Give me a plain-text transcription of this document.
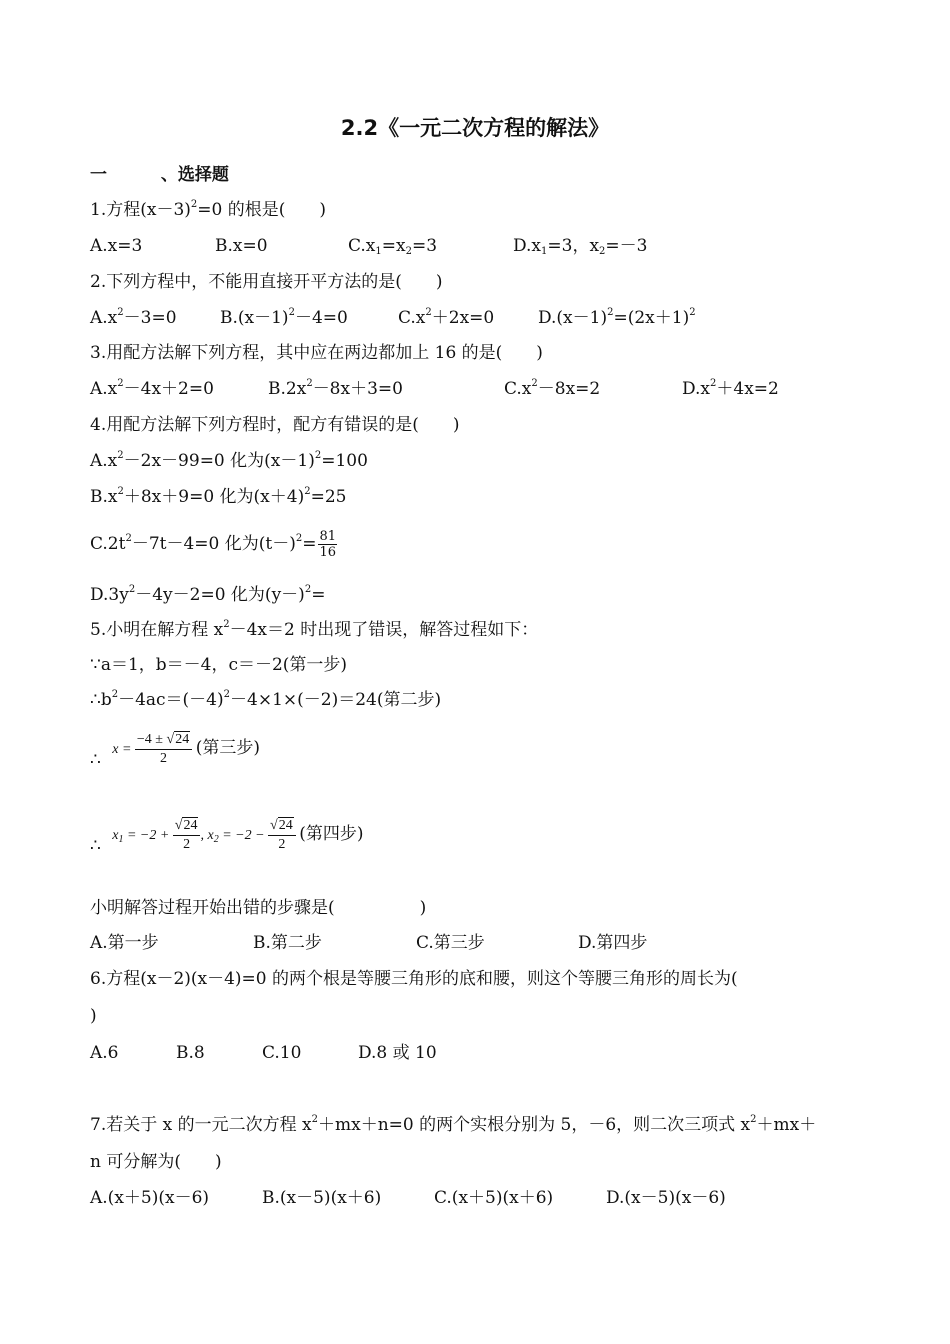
2.2《一元二次方程的解法》
一	、选择题
1.方程$(x-3)^2=0$ 的根是(　　)
A.x=3	B.x=0	$C.x_1=x_2=3$	$D.x_1=3$，$x_2=-3$
2.下列方程中，不能用直接开平方法的是(　　)
$A.x^2-3=0$	$B.(x-1)^2-4=0$	$C.x^2+2x=0$	$D.(x-1)^2=(2x+1)^2$
3.用配方法解下列方程，其中应在两边都加上 16 的是(　　)
$A.x^2-4x+2=0$	$B.2x^2-8x+3=0$	$C.x^2-8x=2$	$D.x^2+4x=2$
4.用配方法解下列方程时，配方有错误的是(　　)
$A.x^2-2x-99=0$ 化为$(x-1)^2=100$
$B.x^2+8x+9=0$ 化为$(x+4)^2=25$
$C.2t^2-7t-4=0$ 化为$(t-)^2= \frac{81}{16}$
$D.3y^2-4y-2=0$ 化为$(y-)^2=$
5.小明在解方程 $x^2-4x=2$ 时出现了错误，解答过程如下：
∵a＝1，b＝－4，c＝－2(第一步)
$\therefore b^2-4ac=(-4)^2-4\times 1\times(-2)=24$(第二步)
∴ $x = \frac{-4 \pm √24}{2}$ (第三步)
∴ $x_1 = -2 + \frac{√24}{2}$ , $x_2 = -2 - \frac{√24}{2}$ (第四步)
小明解答过程开始出错的步骤是(　　　　　)
A.第一步	B.第二步	C.第三步	D.第四步
6.方程(x－2)(x－4)=0 的两个根是等腰三角形的底和腰，则这个等腰三角形的周长为(
)
A.6	B.8	C.10	D.8 或 10
7.若关于 x 的一元二次方程 $x^2+mx+n=0$ 的两个实根分别为 5，－6，则二次三项式 $x^2+mx+$
n 可分解为(　　)
A.(x＋5)(x－6)	B.(x－5)(x＋6)	C.(x＋5)(x＋6)	D.(x－5)(x－6)
